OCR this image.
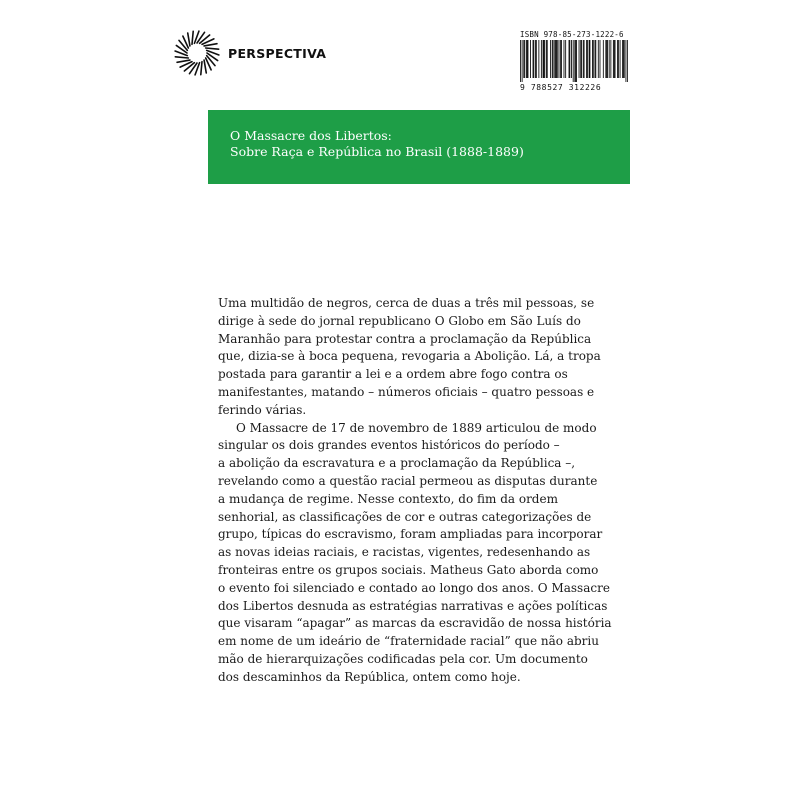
PERSPECTIVA
ISBN 978-85-273-1222-6
9 788527 312226
O Massacre dos Libertos:
Sobre Raça e República no Brasil (1888-1889)
Uma multidão de negros, cerca de duas a três mil pessoas, se
dirige à sede do jornal republicano O Globo em São Luís do
Maranhão para protestar contra a proclamação da República
que, dizia-se à boca pequena, revogaria a Abolição. Lá, a tropa
postada para garantir a lei e a ordem abre fogo contra os
manifestantes, matando – números oficiais – quatro pessoas e
ferindo várias.
O Massacre de 17 de novembro de 1889 articulou de modo
singular os dois grandes eventos históricos do período –
a abolição da escravatura e a proclamação da República –,
revelando como a questão racial permeou as disputas durante
a mudança de regime. Nesse contexto, do fim da ordem
senhorial, as classificações de cor e outras categorizações de
grupo, típicas do escravismo, foram ampliadas para incorporar
as novas ideias raciais, e racistas, vigentes, redesenhando as
fronteiras entre os grupos sociais. Matheus Gato aborda como
o evento foi silenciado e contado ao longo dos anos. O Massacre
dos Libertos desnuda as estratégias narrativas e ações políticas
que visaram “apagar” as marcas da escravidão de nossa história
em nome de um ideário de “fraternidade racial” que não abriu
mão de hierarquizações codificadas pela cor. Um documento
dos descaminhos da República, ontem como hoje.
